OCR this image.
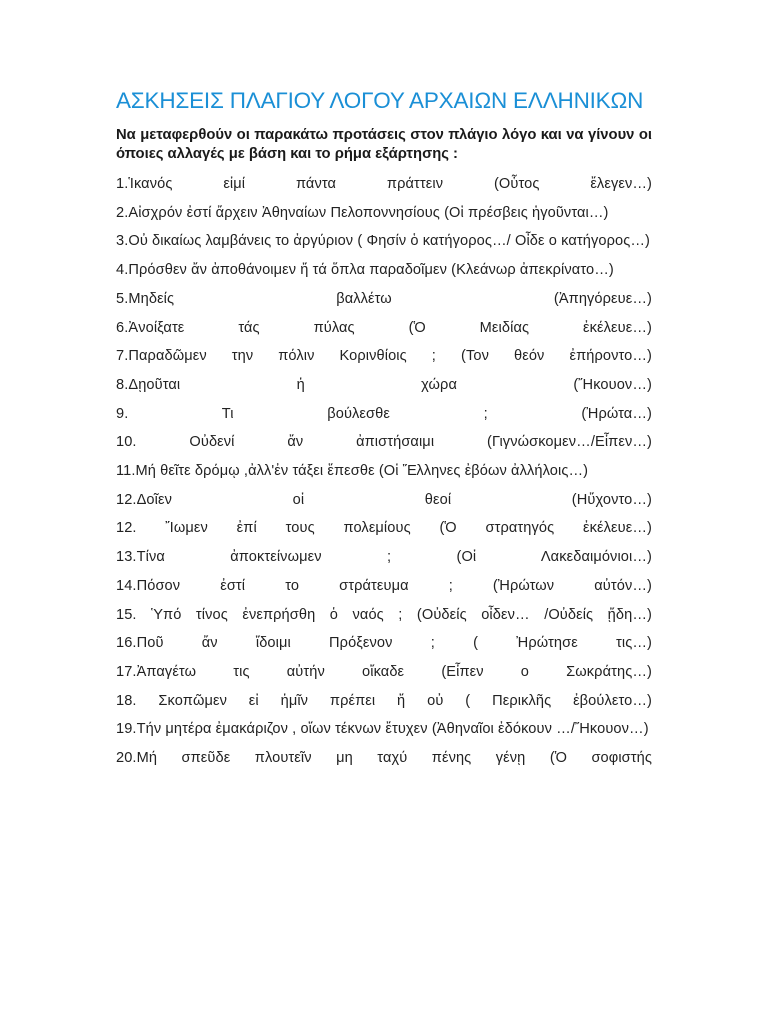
ΑΣΚΗΣΕΙΣ ΠΛΑΓΙΟΥ ΛΟΓΟΥ ΑΡΧΑΙΩΝ ΕΛΛΗΝΙΚΩΝ
Να μεταφερθούν οι παρακάτω προτάσεις στον πλάγιο λόγο και να γίνουν οι όποιες αλλαγές με βάση και το ρήμα εξάρτησης :
1.Ἱκανός εἰμί πάντα πράττειν (Οὗτος ἔλεγεν…)
2.Αἰσχρόν ἐστί ἄρχειν Ἀθηναίων Πελοποννησίους (Οἱ πρέσβεις ἡγοῦνται…)
3.Οὐ δικαίως λαμβάνεις το ἀργύριον ( Φησίν ὁ κατήγορος…/ Οἶδε ο κατήγορος…)
4.Πρόσθεν ἄν ἀποθάνοιμεν ἤ τά ὅπλα παραδοῖμεν (Κλεάνωρ ἀπεκρίνατο…)
5.Μηδείς βαλλέτω (Ἀπηγόρευε…)
6.Ἀνοίξατε τάς πύλας (Ὁ Μειδίας ἐκέλευε…)
7.Παραδῶμεν την πόλιν Κορινθίοις ; (Τον θεόν ἐπήροντο…)
8.Δῃοῦται ἡ χώρα (Ἤκουον…)
9. Τι βούλεσθε ; (Ἠρώτα…)
10. Οὐδενί ἄν ἀπιστήσαιμι (Γιγνώσκομεν…/Εἶπεν…)
11.Μή θεῖτε δρόμῳ ,ἀλλ'ἐν τάξει ἕπεσθε (Οἱ Ἕλληνες ἐβόων ἀλλήλοις…)
12.Δοῖεν οἱ θεοί (Ηὔχοντο…)
12. Ἴωμεν ἐπί τους πολεμίους (Ὁ στρατηγός ἐκέλευε…)
13.Τίνα ἀποκτείνωμεν ; (Οἱ Λακεδαιμόνιοι…)
14.Πόσον ἐστί το στράτευμα ; (Ἠρώτων αὐτόν…)
15. Ὑπό τίνος ἐνεπρήσθη ὁ ναός ; (Οὐδείς οἶδεν… /Οὐδείς ᾔδη…)
16.Ποῦ ἄν ἴδοιμι Πρόξενον ; ( Ἠρώτησε τις…)
17.Ἀπαγέτω τις αὐτήν οἴκαδε (Εἶπεν ο Σωκράτης…)
18. Σκοπῶμεν εἰ ἡμῖν πρέπει ἤ οὐ ( Περικλῆς ἐβούλετο…)
19.Τήν μητέρα ἐμακάριζον , οἵων τέκνων ἔτυχεν (Ἀθηναῖοι ἐδόκουν …/Ἤκουον…)
20.Μή σπεῦδε πλουτεῖν μη ταχύ πένης γένῃ (Ὁ σοφιστής
